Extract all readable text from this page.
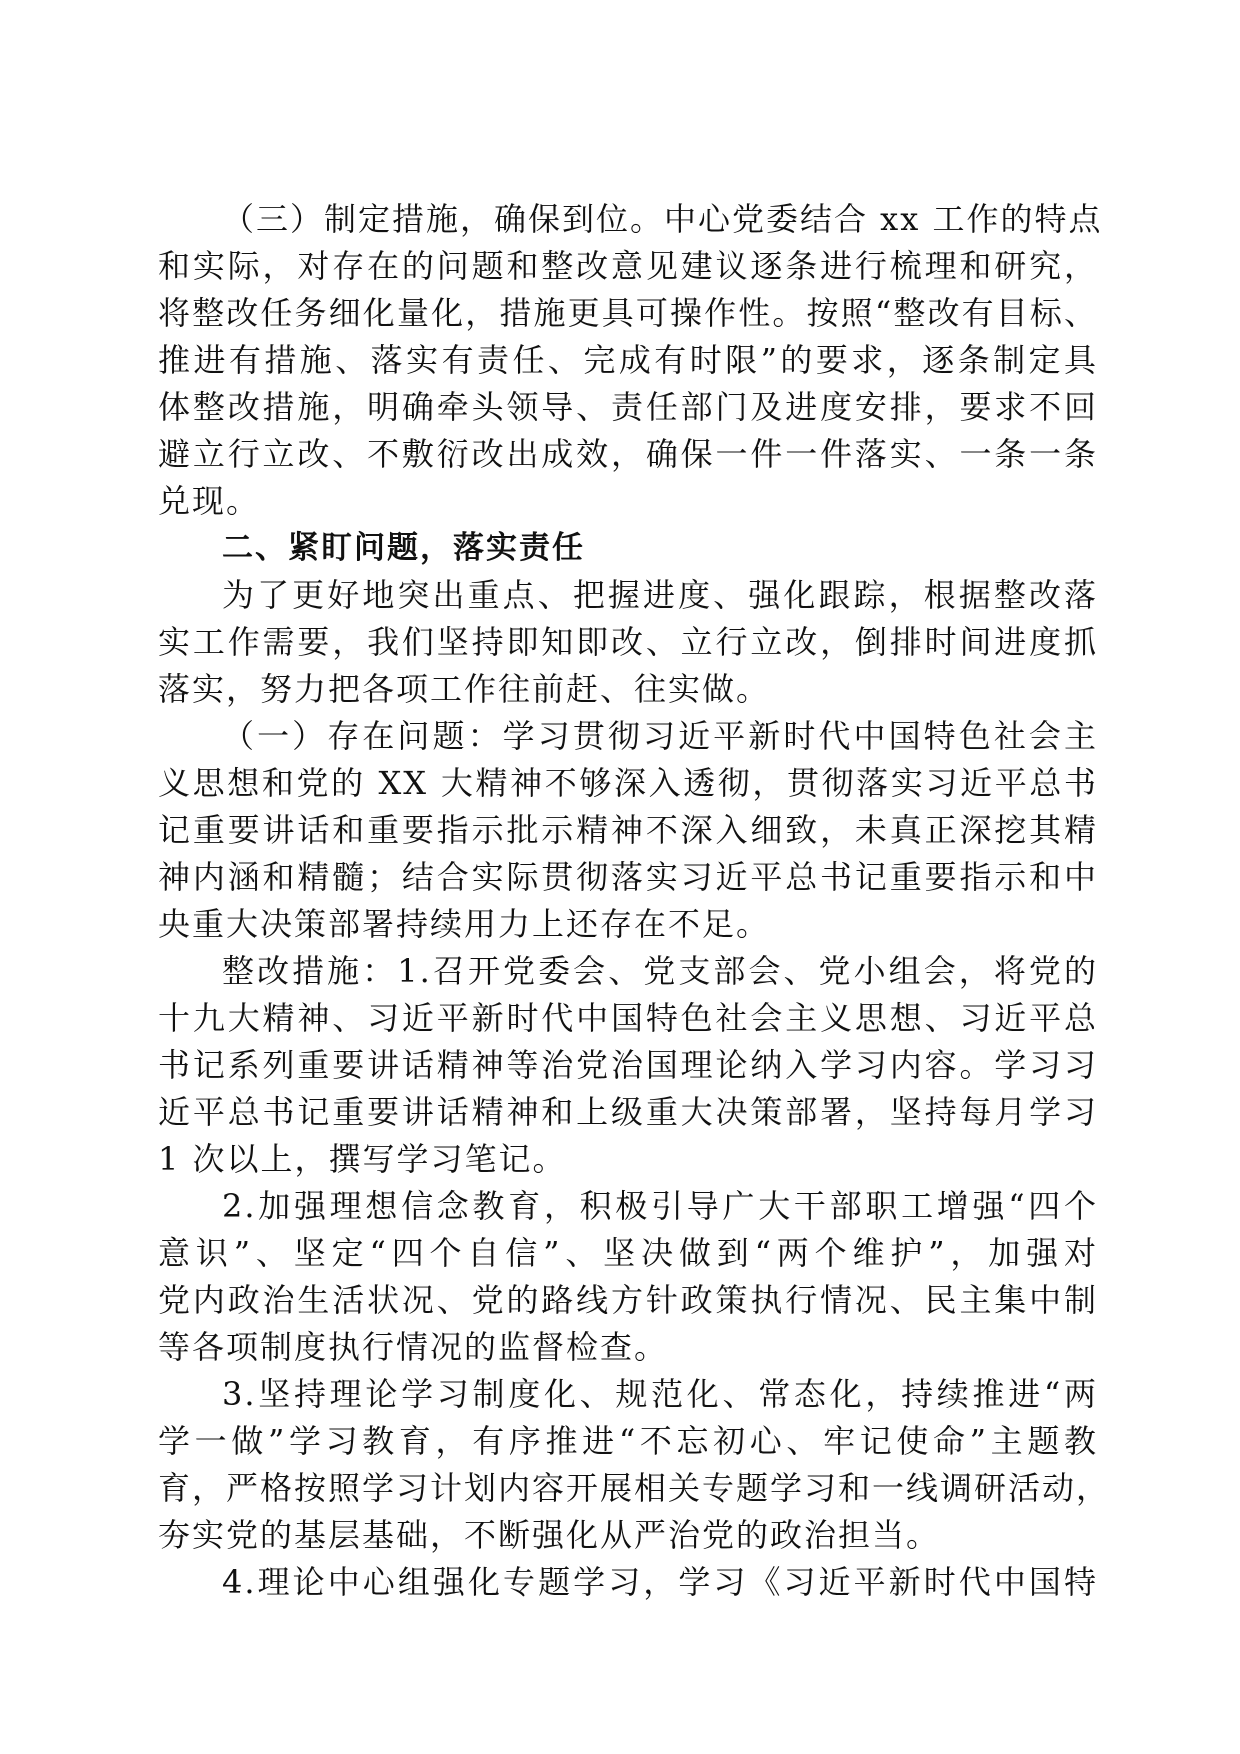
（三）制定措施，确保到位。中心党委结合 xx 工作的特点
和实际，对存在的问题和整改意见建议逐条进行梳理和研究，
将整改任务细化量化，措施更具可操作性。按照“整改有目标、
推进有措施、落实有责任、完成有时限”的要求，逐条制定具
体整改措施，明确牵头领导、责任部门及进度安排，要求不回
避立行立改、不敷衍改出成效，确保一件一件落实、一条一条
兑现。
二、紧盯问题，落实责任
为了更好地突出重点、把握进度、强化跟踪，根据整改落
实工作需要，我们坚持即知即改、立行立改，倒排时间进度抓
落实，努力把各项工作往前赶、往实做。
（一）存在问题：学习贯彻习近平新时代中国特色社会主
义思想和党的 XX 大精神不够深入透彻，贯彻落实习近平总书
记重要讲话和重要指示批示精神不深入细致，未真正深挖其精
神内涵和精髓；结合实际贯彻落实习近平总书记重要指示和中
央重大决策部署持续用力上还存在不足。
整改措施：1.召开党委会、党支部会、党小组会，将党的
十九大精神、习近平新时代中国特色社会主义思想、习近平总
书记系列重要讲话精神等治党治国理论纳入学习内容。学习习
近平总书记重要讲话精神和上级重大决策部署，坚持每月学习
1 次以上，撰写学习笔记。
2.加强理想信念教育，积极引导广大干部职工增强“四个
意识”、坚定“四个自信”、坚决做到“两个维护”，加强对
党内政治生活状况、党的路线方针政策执行情况、民主集中制
等各项制度执行情况的监督检查。
3.坚持理论学习制度化、规范化、常态化，持续推进“两
学一做”学习教育，有序推进“不忘初心、牢记使命”主题教
育，严格按照学习计划内容开展相关专题学习和一线调研活动，
夯实党的基层基础，不断强化从严治党的政治担当。
4.理论中心组强化专题学习，学习《习近平新时代中国特
